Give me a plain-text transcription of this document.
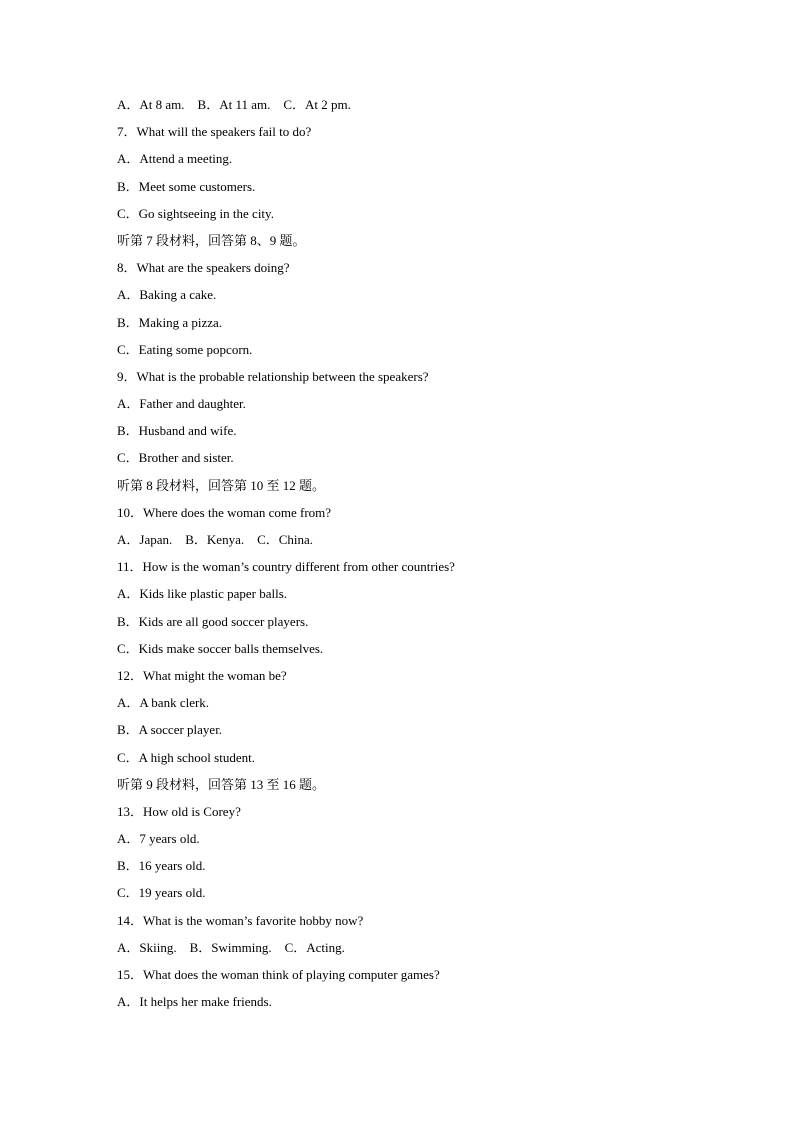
A．At 8 am.    B．At 11 am.    C．At 2 pm.
7．What will the speakers fail to do?
A．Attend a meeting.
B．Meet some customers.
C．Go sightseeing in the city.
听第 7 段材料，回答第 8、9 题。
8．What are the speakers doing?
A．Baking a cake.
B．Making a pizza.
C．Eating some popcorn.
9．What is the probable relationship between the speakers?
A．Father and daughter.
B．Husband and wife.
C．Brother and sister.
听第 8 段材料，回答第 10 至 12 题。
10．Where does the woman come from?
A．Japan.    B．Kenya.    C．China.
11．How is the woman’s country different from other countries?
A．Kids like plastic paper balls.
B．Kids are all good soccer players.
C．Kids make soccer balls themselves.
12．What might the woman be?
A．A bank clerk.
B．A soccer player.
C．A high school student.
听第 9 段材料，回答第 13 至 16 题。
13．How old is Corey?
A．7 years old.
B．16 years old.
C．19 years old.
14．What is the woman’s favorite hobby now?
A．Skiing.    B．Swimming.    C．Acting.
15．What does the woman think of playing computer games?
A．It helps her make friends.
